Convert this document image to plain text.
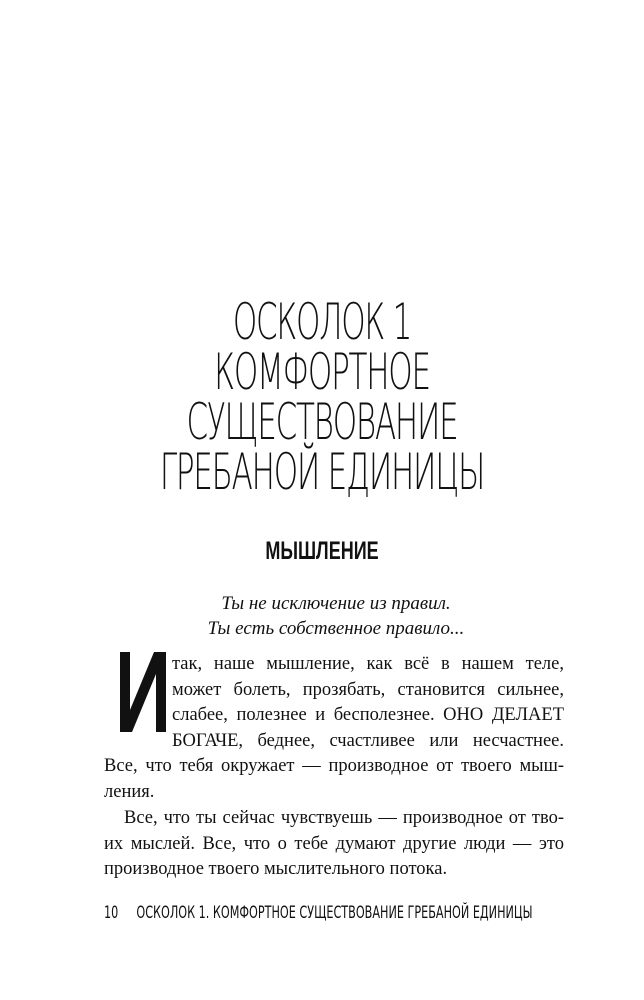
ОСКОЛОК 1
КОМФОРТНОЕ
СУЩЕСТВОВАНИЕ
ГРЕБАНОЙ ЕДИНИЦЫ
МЫШЛЕНИЕ
Ты не исключение из правил.
Ты есть собственное правило...
так, наше мышление, как всё в нашем теле,
может болеть, прозябать, становится сильнее,
слабее, полезнее и бесполезнее. ОНО ДЕЛАЕТ
БОГАЧЕ, беднее, счастливее или несчастнее.
Все, что тебя окружает — производное от твоего мыш-
ления.
Все, что ты сейчас чувствуешь — производное от тво-
их мыслей. Все, что о тебе думают другие люди — это
производное твоего мыслительного потока.
10 ОСКОЛОК 1. КОМФОРТНОЕ СУЩЕСТВОВАНИЕ ГРЕБАНОЙ ЕДИНИЦЫ
